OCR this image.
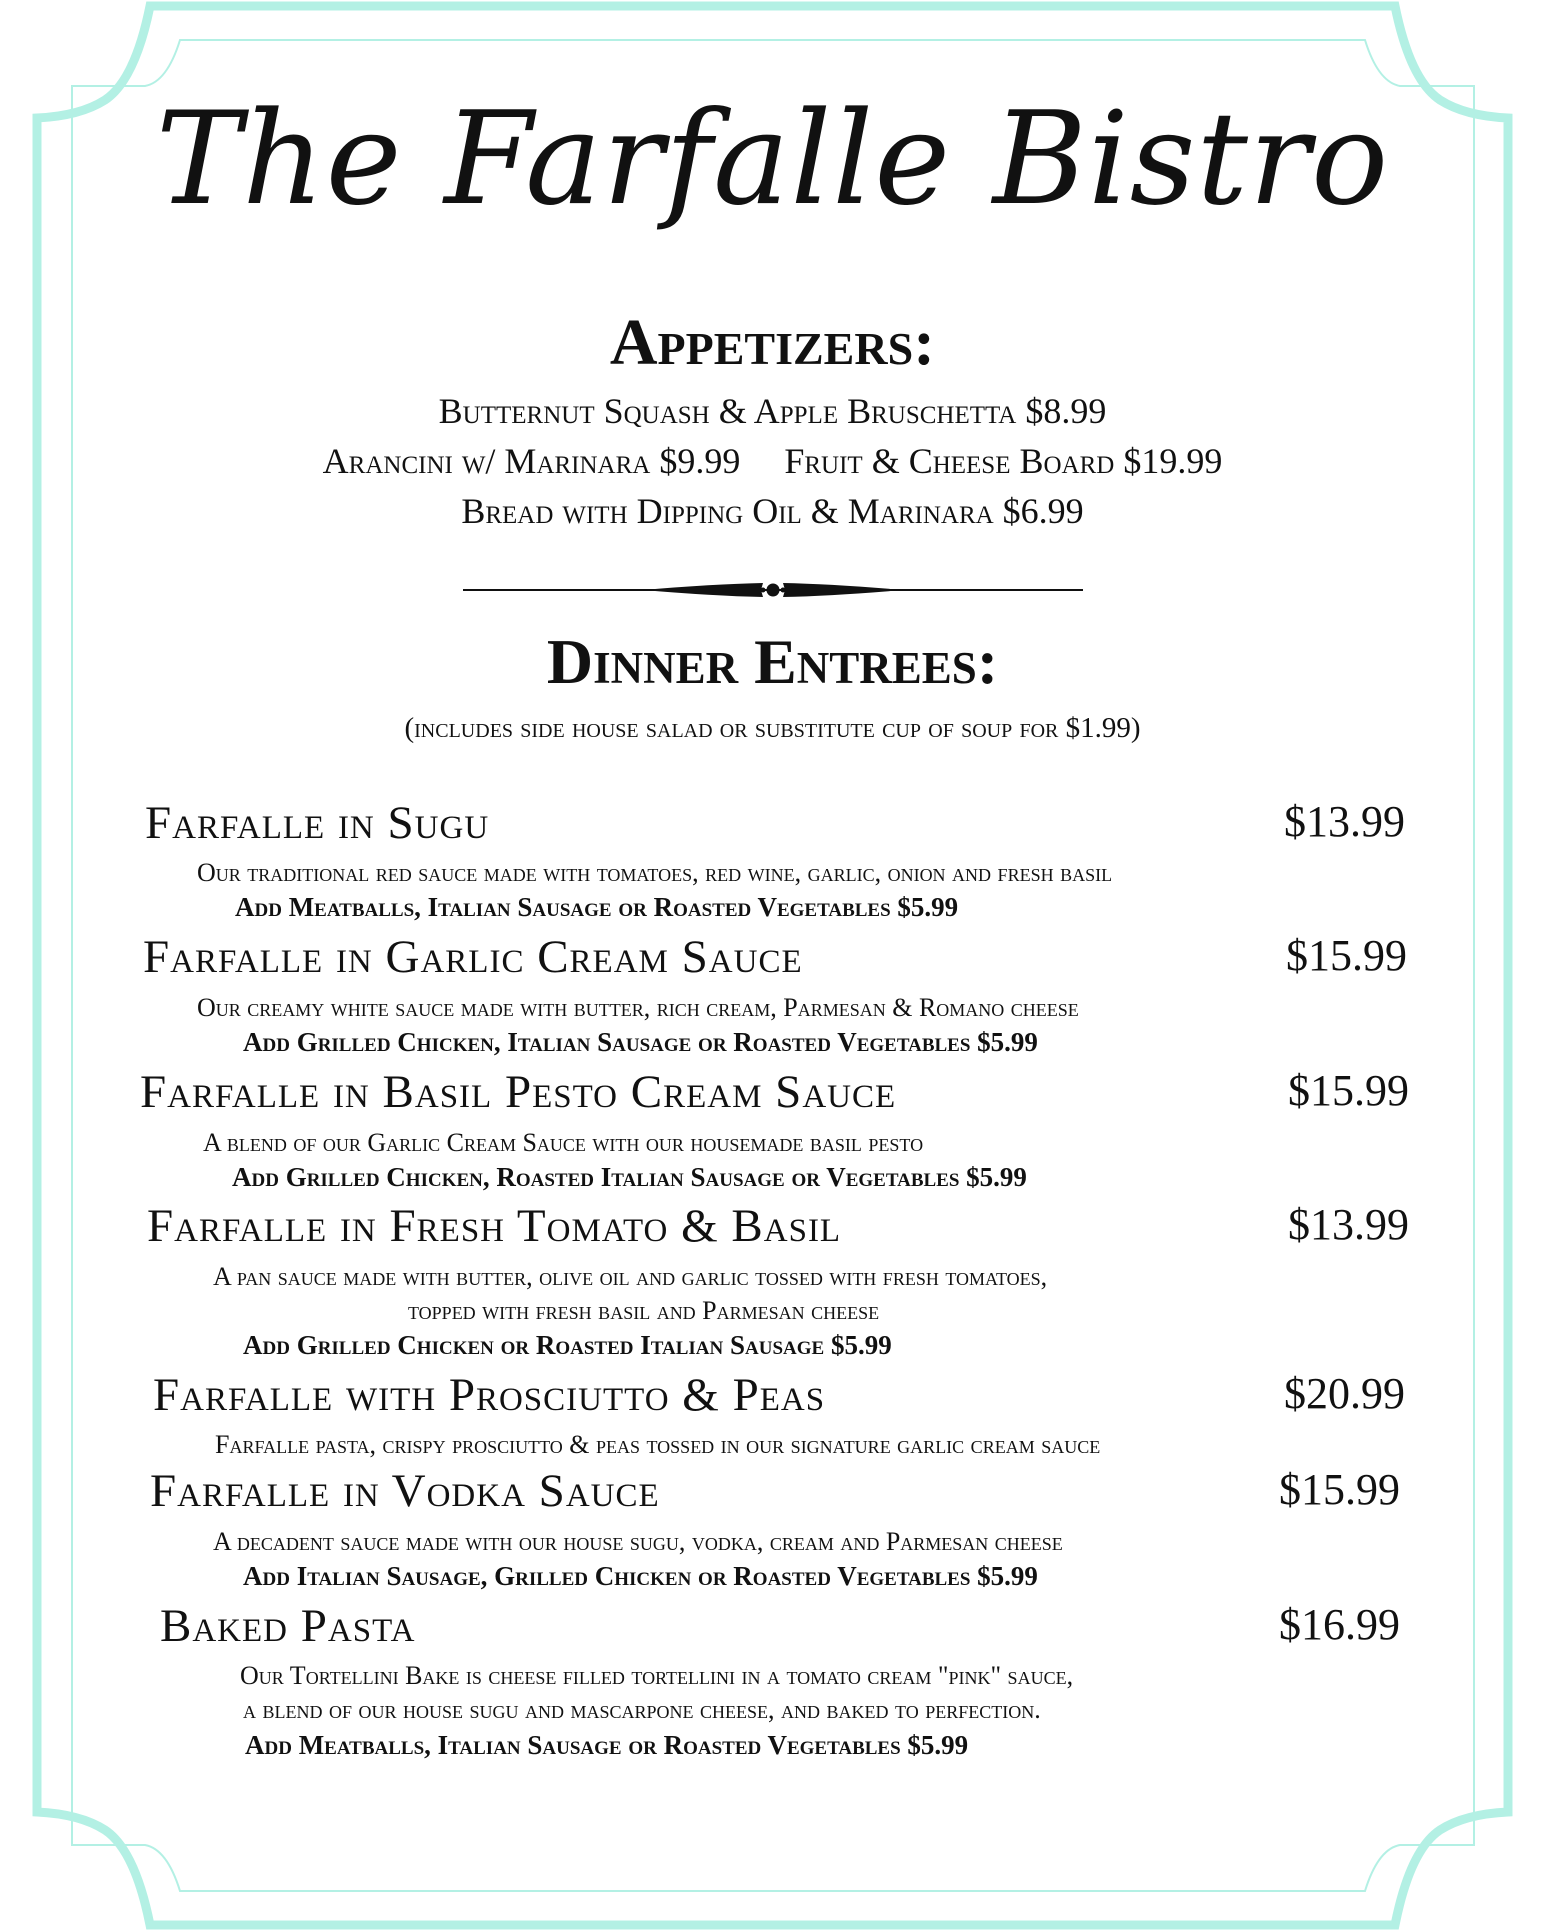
The Farfalle Bistro
Appetizers:
Butternut Squash & Apple Bruschetta $8.99
Arancini w/ Marinara $9.99 Fruit & Cheese Board $19.99
Bread with Dipping Oil & Marinara $6.99
Dinner Entrees:
(includes side house salad or substitute cup of soup for $1.99)
Farfalle in Sugu	$13.99
Our traditional red sauce made with tomatoes, red wine, garlic, onion and fresh basil
Add Meatballs, Italian Sausage or Roasted Vegetables $5.99
Farfalle in Garlic Cream Sauce	$15.99
Our creamy white sauce made with butter, rich cream, Parmesan & Romano cheese
Add Grilled Chicken, Italian Sausage or Roasted Vegetables $5.99
Farfalle in Basil Pesto Cream Sauce	$15.99
A blend of our Garlic Cream Sauce with our housemade basil pesto
Add Grilled Chicken, Roasted Italian Sausage or Vegetables $5.99
Farfalle in Fresh Tomato & Basil	$13.99
A pan sauce made with butter, olive oil and garlic tossed with fresh tomatoes,
topped with fresh basil and Parmesan cheese
Add Grilled Chicken or Roasted Italian Sausage $5.99
Farfalle with Prosciutto & Peas	$20.99
Farfalle pasta, crispy prosciutto & peas tossed in our signature garlic cream sauce
Farfalle in Vodka Sauce	$15.99
A decadent sauce made with our house sugu, vodka, cream and Parmesan cheese
Add Italian Sausage, Grilled Chicken or Roasted Vegetables $5.99
Baked Pasta	$16.99
Our Tortellini Bake is cheese filled tortellini in a tomato cream "pink" sauce,
a blend of our house sugu and mascarpone cheese, and baked to perfection.
Add Meatballs, Italian Sausage or Roasted Vegetables $5.99
